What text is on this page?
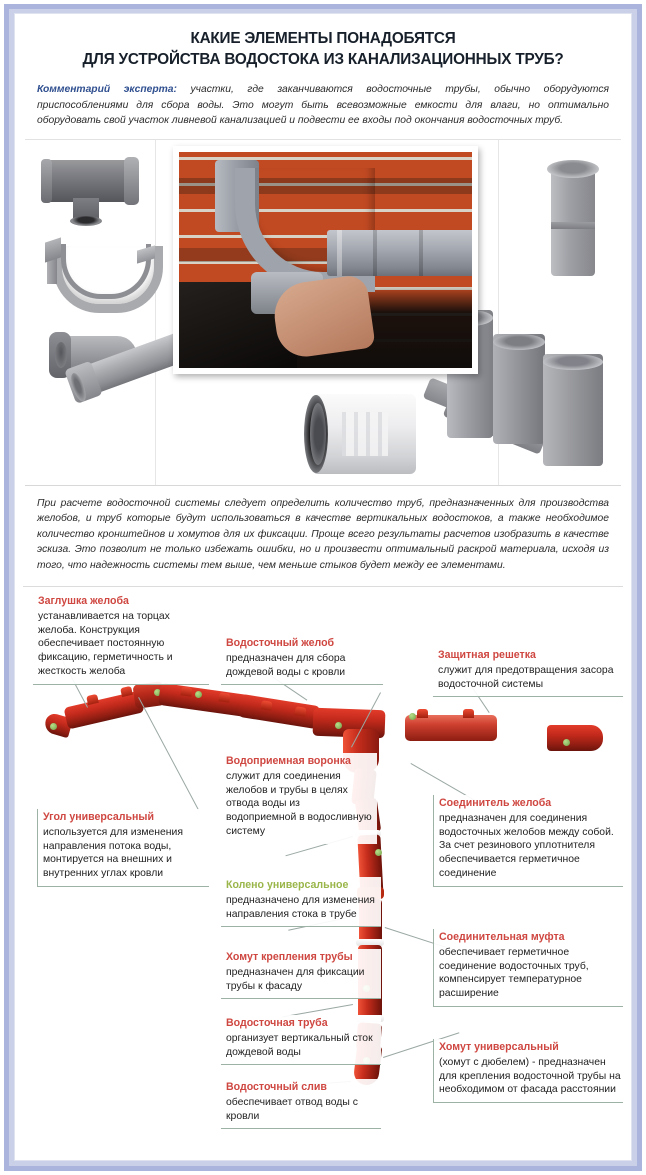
КАКИЕ ЭЛЕМЕНТЫ ПОНАДОБЯТСЯ
ДЛЯ УСТРОЙСТВА ВОДОСТОКА ИЗ КАНАЛИЗАЦИОННЫХ ТРУБ?
Комментарий эксперта: участки, где заканчиваются водосточные трубы, обычно оборудуются приспособлениями для сбора воды. Это могут быть всевозможные емкости для влаги, но оптимально оборудовать свой участок ливневой канализацией и подвести ее входы под окончания водосточных труб.
При расчете водосточной системы следует определить количество труб, предназначенных для производства желобов, и труб которые будут использоваться в качестве вертикальных водостоков, а также необходимое количество кронштейнов и хомутов для их фиксации. Проще всего результаты расчетов изобразить в качестве эскиза. Это позволит не только избежать ошибки, но и произвести оптимальный раскрой материала, исходя из того, что надежность системы тем выше, чем меньше стыков будет между ее элементами.
Заглушка желоба
устанавливается на торцах желоба. Конструкция обеспечивает постоянную фиксацию, герметичность и жесткость желоба
Водосточный желоб
предназначен для сбора дождевой воды с кровли
Защитная решетка
служит для предотвращения засора водосточной системы
Водоприемная воронка
служит для соединения желобов и трубы в целях отвода воды из водоприемной в водосливную систему
Угол универсальный
используется для изменения направления потока воды, монтируется на внешних и внутренних углах кровли
Соединитель желоба
предназначен для соединения водосточных желобов между собой. За счет резинового уплотнителя обеспечивается герметичное соединение
Колено универсальное
предназначено для изменения направления стока в трубе
Хомут крепления трубы
предназначен для фиксации трубы к фасаду
Соединительная муфта
обеспечивает герметичное соединение водосточных труб, компенсирует температурное расширение
Водосточная труба
организует вертикальный сток дождевой воды	Хомут универсальный
(хомут с дюбелем) - предназначен для крепления водосточной трубы на необходимом от фасада расстоянии
Водосточный слив
обеспечивает отвод воды с кровли
